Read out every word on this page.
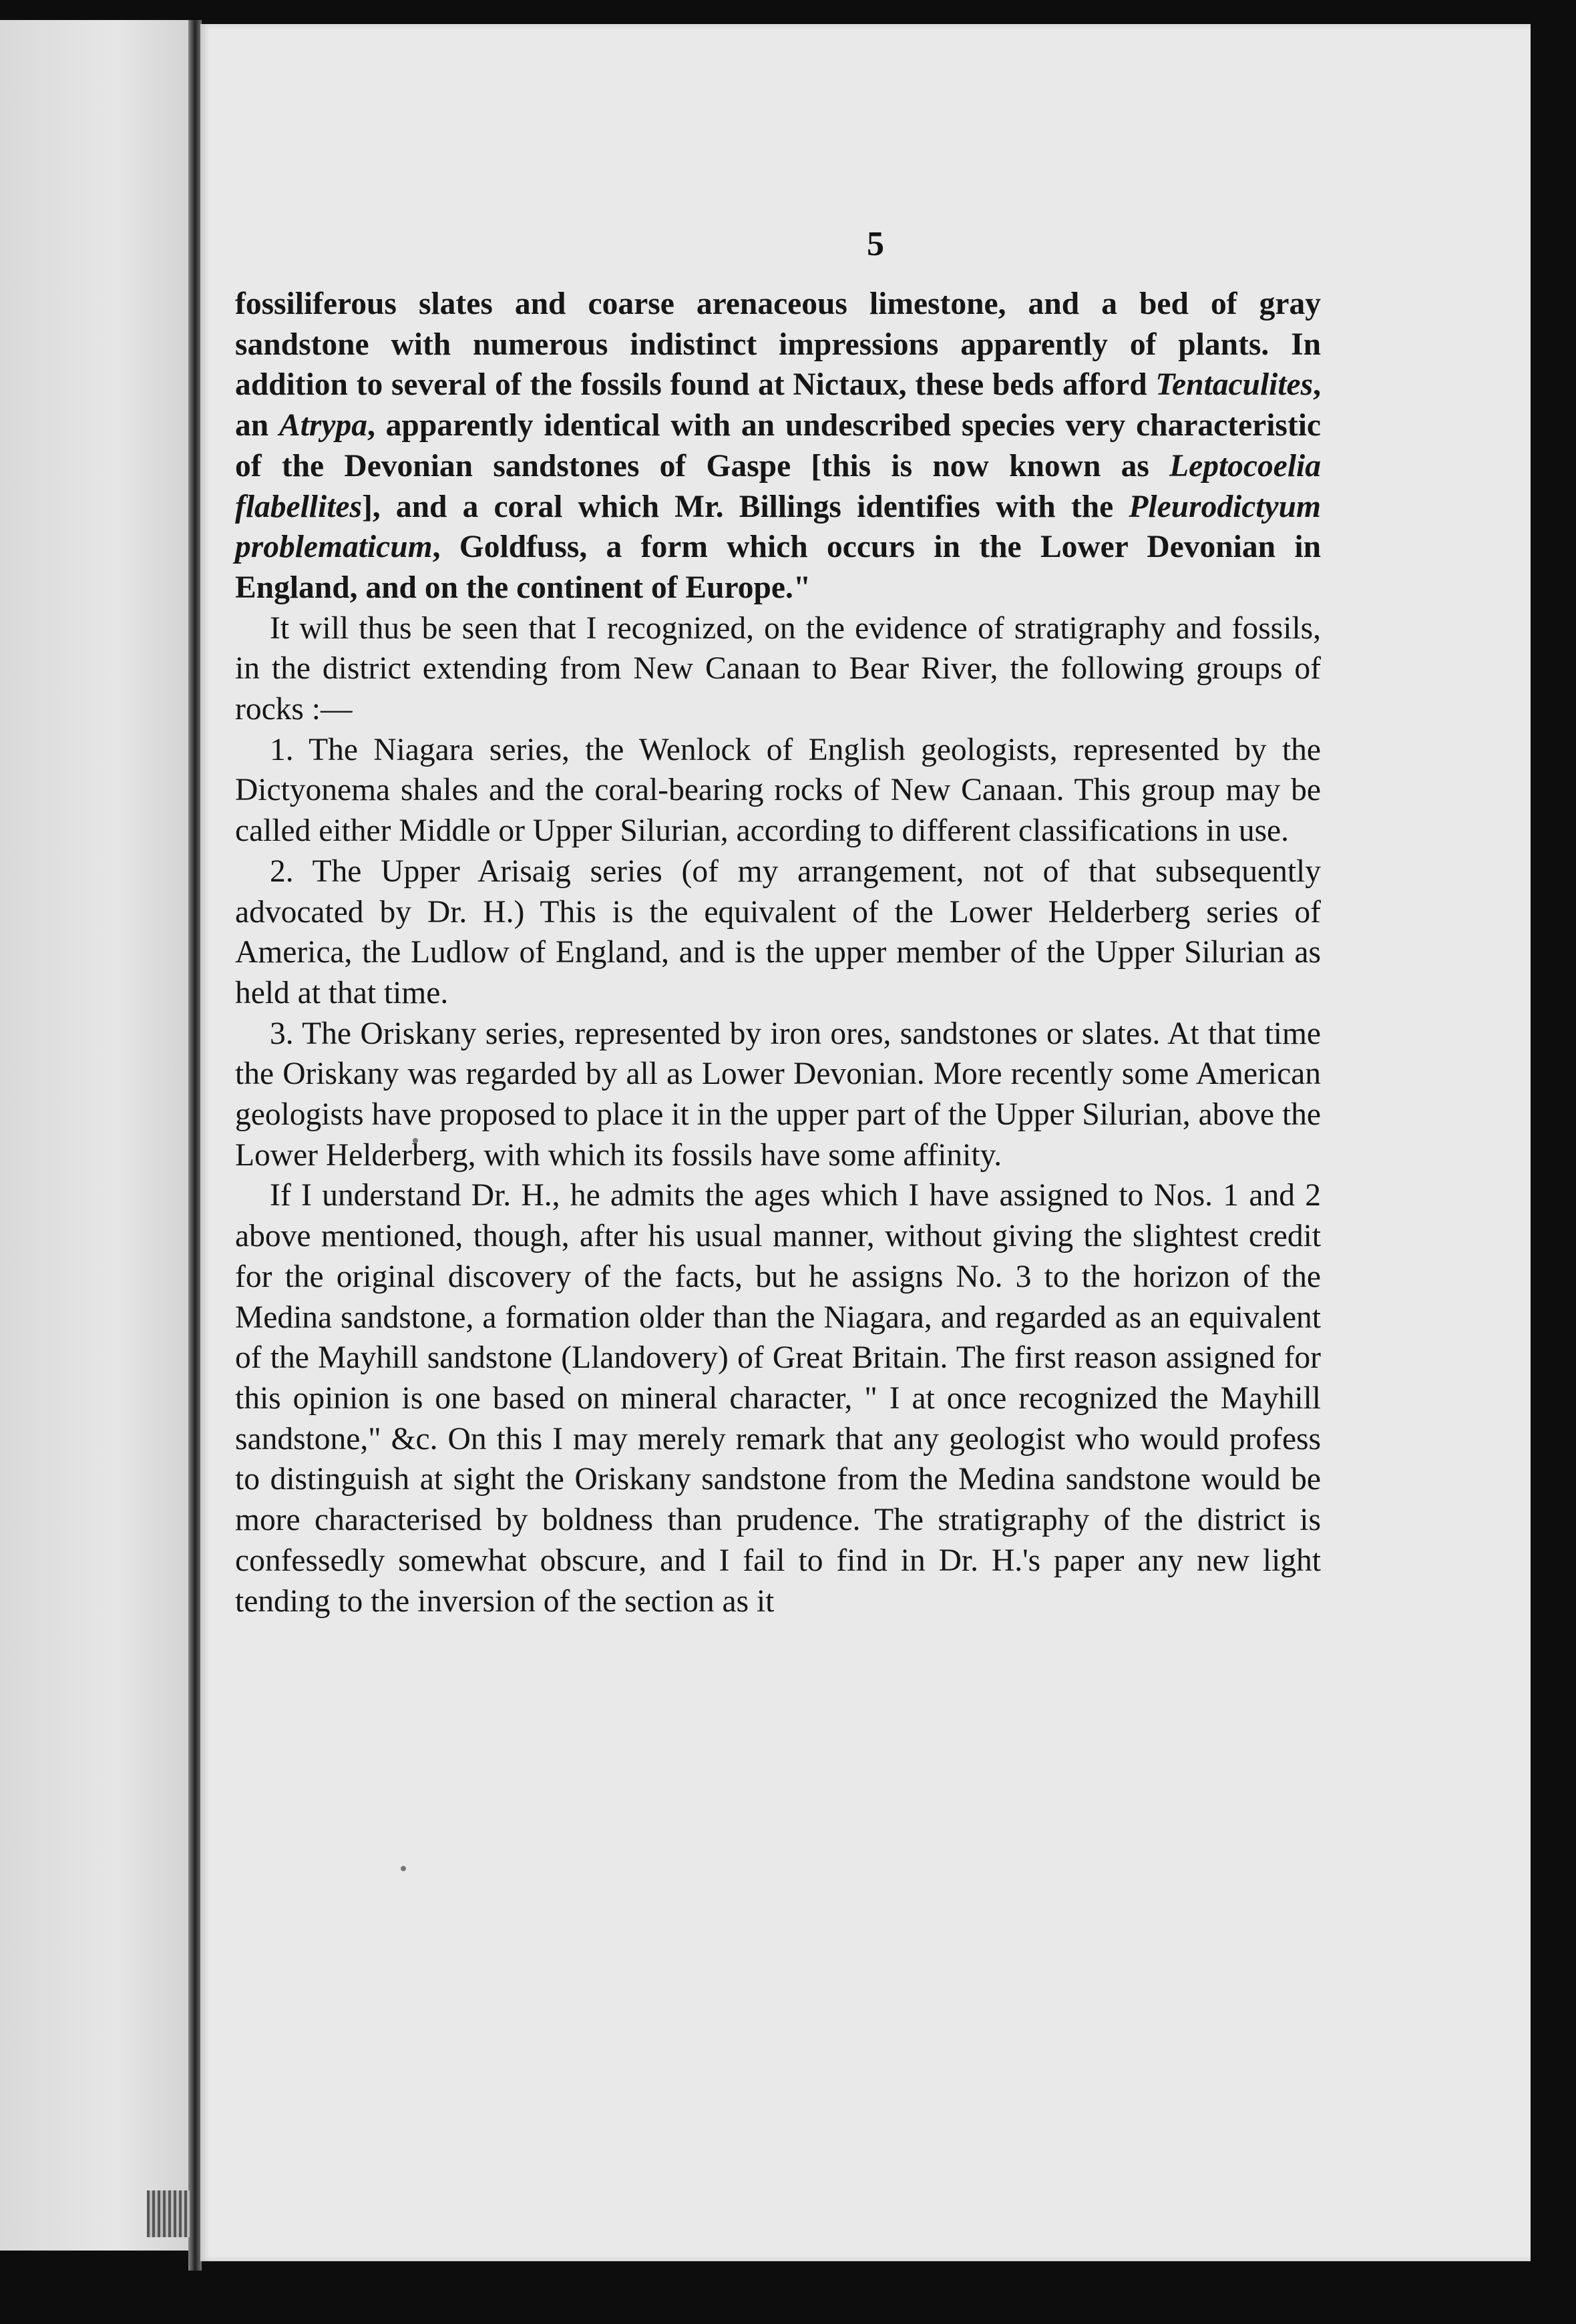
5

fossiliferous slates and coarse arenaceous limestone, and a bed of gray sandstone with numerous indistinct impressions apparently of plants. In addition to several of the fossils found at Nictaux, these beds afford Tentaculites, an Atrypa, apparently identical with an undescribed species very characteristic of the Devonian sandstones of Gaspe [this is now known as Leptocoelia flabellites], and a coral which Mr. Billings identifies with the Pleurodictyum problematicum, Goldfuss, a form which occurs in the Lower Devonian in England, and on the continent of Europe."

It will thus be seen that I recognized, on the evidence of stratigraphy and fossils, in the district extending from New Canaan to Bear River, the following groups of rocks :—

1. The Niagara series, the Wenlock of English geologists, represented by the Dictyonema shales and the coral-bearing rocks of New Canaan. This group may be called either Middle or Upper Silurian, according to different classifications in use.

2. The Upper Arisaig series (of my arrangement, not of that subsequently advocated by Dr. H.) This is the equivalent of the Lower Helderberg series of America, the Ludlow of England, and is the upper member of the Upper Silurian as held at that time.

3. The Oriskany series, represented by iron ores, sandstones or slates. At that time the Oriskany was regarded by all as Lower Devonian. More recently some American geologists have proposed to place it in the upper part of the Upper Silurian, above the Lower Helderberg, with which its fossils have some affinity.

If I understand Dr. H., he admits the ages which I have assigned to Nos. 1 and 2 above mentioned, though, after his usual manner, without giving the slightest credit for the original discovery of the facts, but he assigns No. 3 to the horizon of the Medina sandstone, a formation older than the Niagara, and regarded as an equivalent of the Mayhill sandstone (Llandovery) of Great Britain. The first reason assigned for this opinion is one based on mineral character, " I at once recognized the Mayhill sandstone," &c. On this I may merely remark that any geologist who would profess to distinguish at sight the Oriskany sandstone from the Medina sandstone would be more characterised by boldness than prudence. The stratigraphy of the district is confessedly somewhat obscure, and I fail to find in Dr. H.'s paper any new light tending to the inversion of the section as it
